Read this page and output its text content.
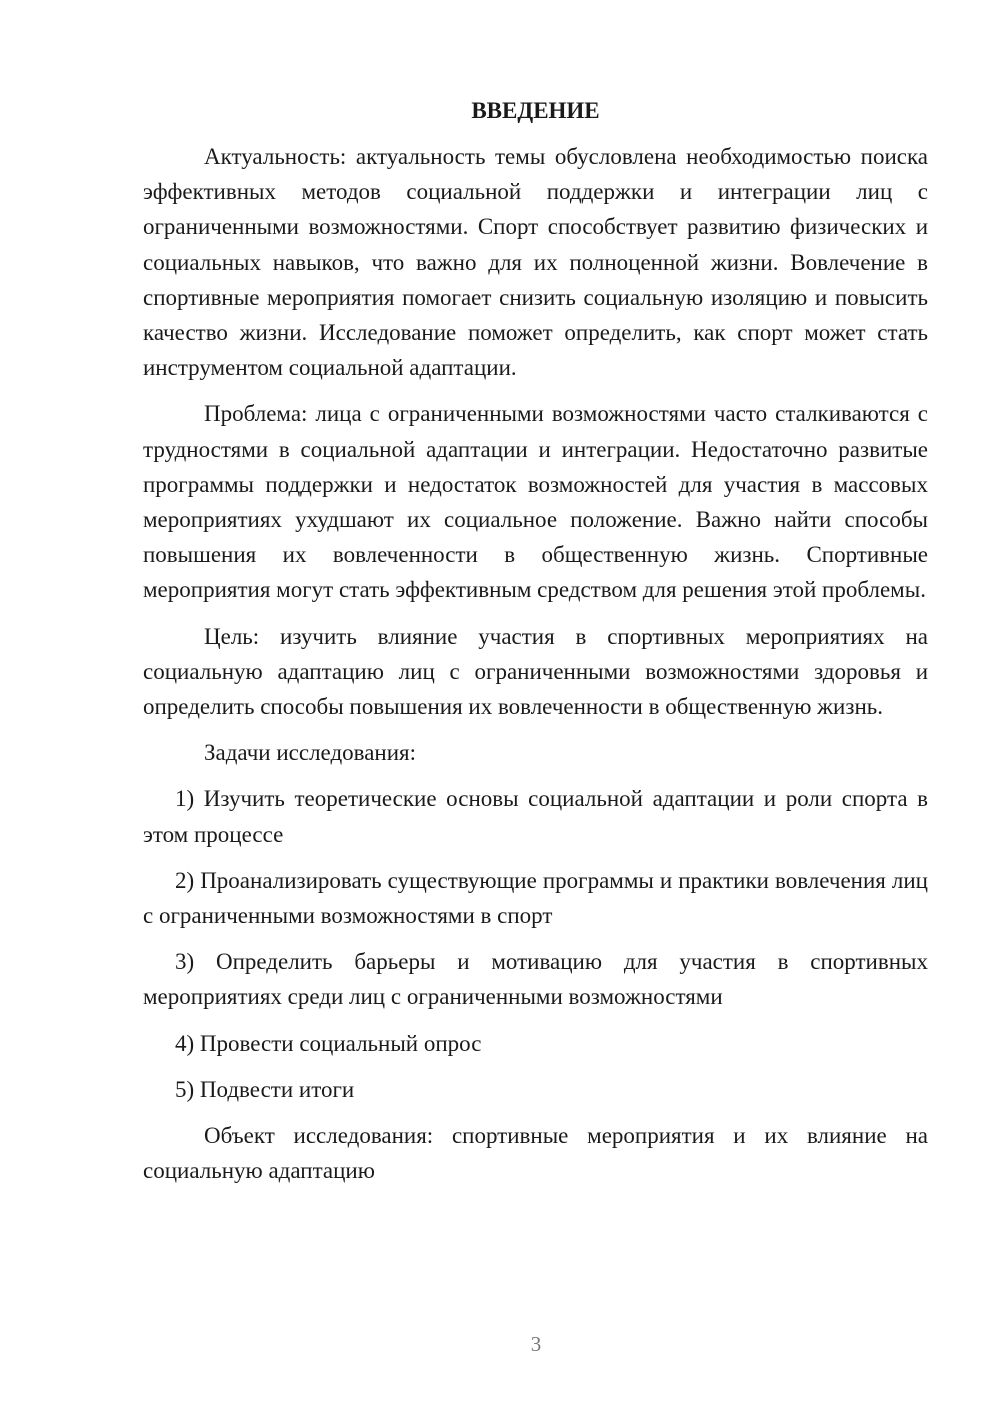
ВВЕДЕНИЕ

Актуальность: актуальность темы обусловлена необходимостью поиска эффективных методов социальной поддержки и интеграции лиц с ограниченными возможностями. Спорт способствует развитию физических и социальных навыков, что важно для их полноценной жизни. Вовлечение в спортивные мероприятия помогает снизить социальную изоляцию и повысить качество жизни. Исследование поможет определить, как спорт может стать инструментом социальной адаптации.

Проблема: лица с ограниченными возможностями часто сталкиваются с трудностями в социальной адаптации и интеграции. Недостаточно развитые программы поддержки и недостаток возможностей для участия в массовых мероприятиях ухудшают их социальное положение. Важно найти способы повышения их вовлеченности в общественную жизнь. Спортивные мероприятия могут стать эффективным средством для решения этой проблемы.

Цель: изучить влияние участия в спортивных мероприятиях на социальную адаптацию лиц с ограниченными возможностями здоровья и определить способы повышения их вовлеченности в общественную жизнь.

Задачи исследования:

1) Изучить теоретические основы социальной адаптации и роли спорта в этом процессе

2) Проанализировать существующие программы и практики вовлечения лиц с ограниченными возможностями в спорт

3) Определить барьеры и мотивацию для участия в спортивных мероприятиях среди лиц с ограниченными возможностями

4) Провести социальный опрос

5) Подвести итоги

Объект исследования: спортивные мероприятия и их влияние на социальную адаптацию

3
